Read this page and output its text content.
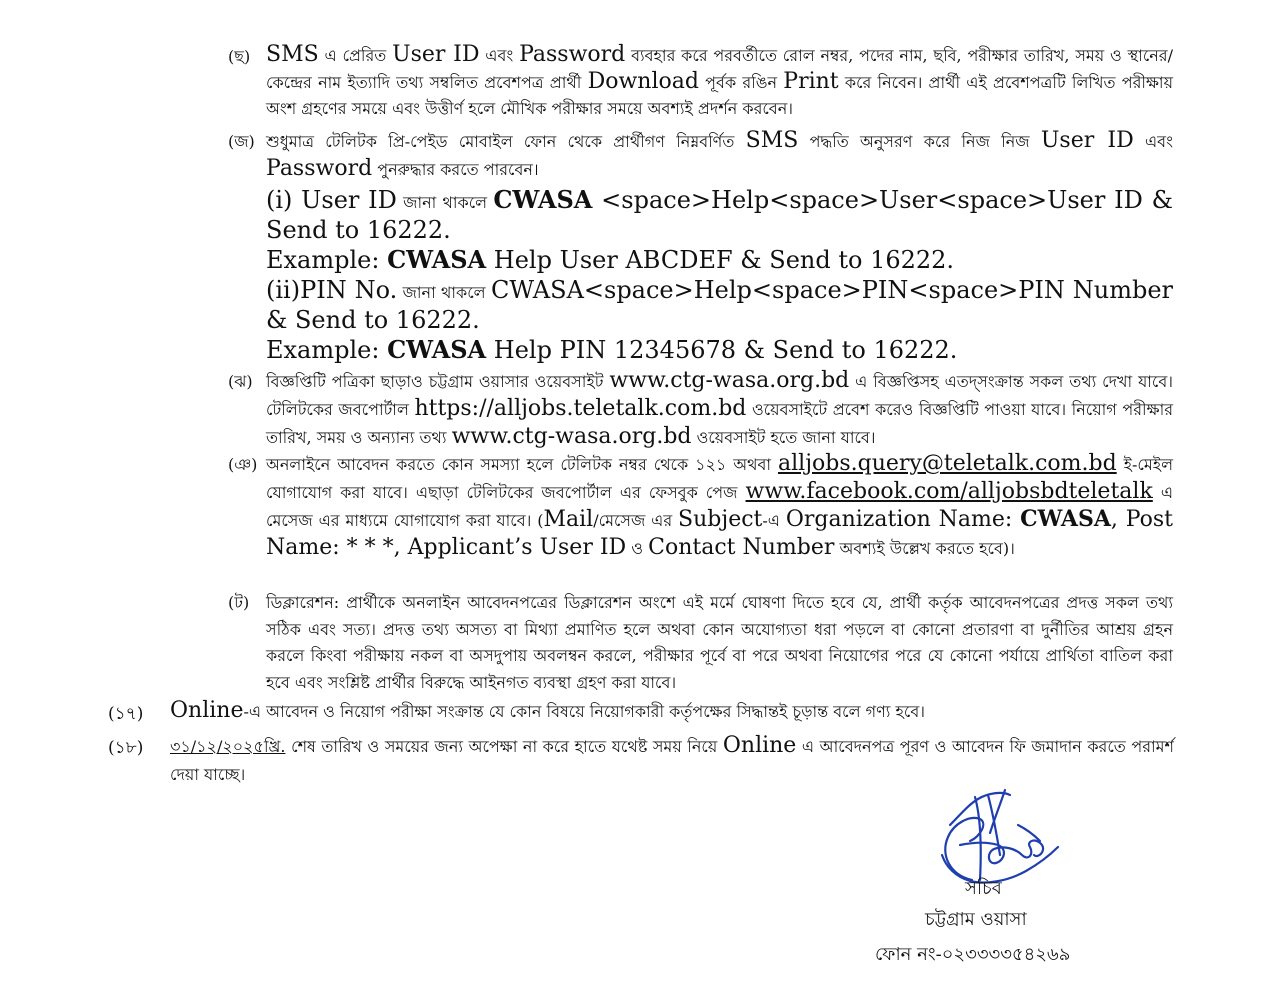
(ছ) SMS এ প্রেরিত User ID এবং Password ব্যবহার করে পরবর্তীতে রোল নম্বর, পদের নাম, ছবি, পরীক্ষার তারিখ, সময় ও স্থানের/কেন্দ্রের নাম ইত্যাদি তথ্য সম্বলিত প্রবেশপত্র প্রার্থী Download পূর্বক রঙিন Print করে নিবেন। প্রার্থী এই প্রবেশপত্রটি লিখিত পরীক্ষায় অংশ গ্রহণের সময়ে এবং উত্তীর্ণ হলে মৌখিক পরীক্ষার সময়ে অবশ্যই প্রদর্শন করবেন।
(জ) শুধুমাত্র টেলিটক প্রি-পেইড মোবাইল ফোন থেকে প্রার্থীগণ নিম্নবর্ণিত SMS পদ্ধতি অনুসরণ করে নিজ নিজ User ID এবং Password পুনরুদ্ধার করতে পারবেন।
(i) User ID জানা থাকলে CWASA <space>Help<space>User<space>User ID & Send to 16222.
Example: CWASA Help User ABCDEF & Send to 16222.
(ii)PIN No. জানা থাকলে CWASA<space>Help<space>PIN<space>PIN Number & Send to 16222.
Example: CWASA Help PIN 12345678 & Send to 16222.
(ঝ) বিজ্ঞপ্তিটি পত্রিকা ছাড়াও চট্টগ্রাম ওয়াসার ওয়েবসাইট www.ctg-wasa.org.bd এ বিজ্ঞপ্তিসহ এতদ্‌সংক্রান্ত সকল তথ্য দেখা যাবে। টেলিটকের জবপোর্টাল https://alljobs.teletalk.com.bd ওয়েবসাইটে প্রবেশ করেও বিজ্ঞপ্তিটি পাওয়া যাবে। নিয়োগ পরীক্ষার তারিখ, সময় ও অন্যান্য তথ্য www.ctg-wasa.org.bd ওয়েবসাইট হতে জানা যাবে।
(ঞ) অনলাইনে আবেদন করতে কোন সমস্যা হলে টেলিটক নম্বর থেকে ১২১ অথবা alljobs.query@teletalk.com.bd ই-মেইল যোগাযোগ করা যাবে। এছাড়া টেলিটকের জবপোর্টাল এর ফেসবুক পেজ www.facebook.com/alljobsbdteletalk এ মেসেজ এর মাধ্যমে যোগাযোগ করা যাবে। (Mail/মেসেজ এর Subject-এ Organization Name: CWASA, Post Name: * * *, Applicant’s User ID ও Contact Number অবশ্যই উল্লেখ করতে হবে)।
(ট) ডিক্লারেশন: প্রার্থীকে অনলাইন আবেদনপত্রের ডিক্লারেশন অংশে এই মর্মে ঘোষণা দিতে হবে যে, প্রার্থী কর্তৃক আবেদনপত্রের প্রদত্ত সকল তথ্য সঠিক এবং সত্য। প্রদত্ত তথ্য অসত্য বা মিথ্যা প্রমাণিত হলে অথবা কোন অযোগ্যতা ধরা পড়লে বা কোনো প্রতারণা বা দুর্নীতির আশ্রয় গ্রহন করলে কিংবা পরীক্ষায় নকল বা অসদুপায় অবলম্বন করলে, পরীক্ষার পূর্বে বা পরে অথবা নিয়োগের পরে যে কোনো পর্যায়ে প্রার্থিতা বাতিল করা হবে এবং সংশ্লিষ্ট প্রার্থীর বিরুদ্ধে আইনগত ব্যবস্থা গ্রহণ করা যাবে।
(১৭) Online-এ আবেদন ও নিয়োগ পরীক্ষা সংক্রান্ত যে কোন বিষয়ে নিয়োগকারী কর্তৃপক্ষের সিদ্ধান্তই চূড়ান্ত বলে গণ্য হবে।
(১৮) ৩১/১২/২০২৫খ্রি. শেষ তারিখ ও সময়ের জন্য অপেক্ষা না করে হাতে যথেষ্ট সময় নিয়ে Online এ আবেদনপত্র পূরণ ও আবেদন ফি জমাদান করতে পরামর্শ দেয়া যাচ্ছে।
সচিব
চট্টগ্রাম ওয়াসা
ফোন নং-০২৩৩৩৩৫৪২৬৯
